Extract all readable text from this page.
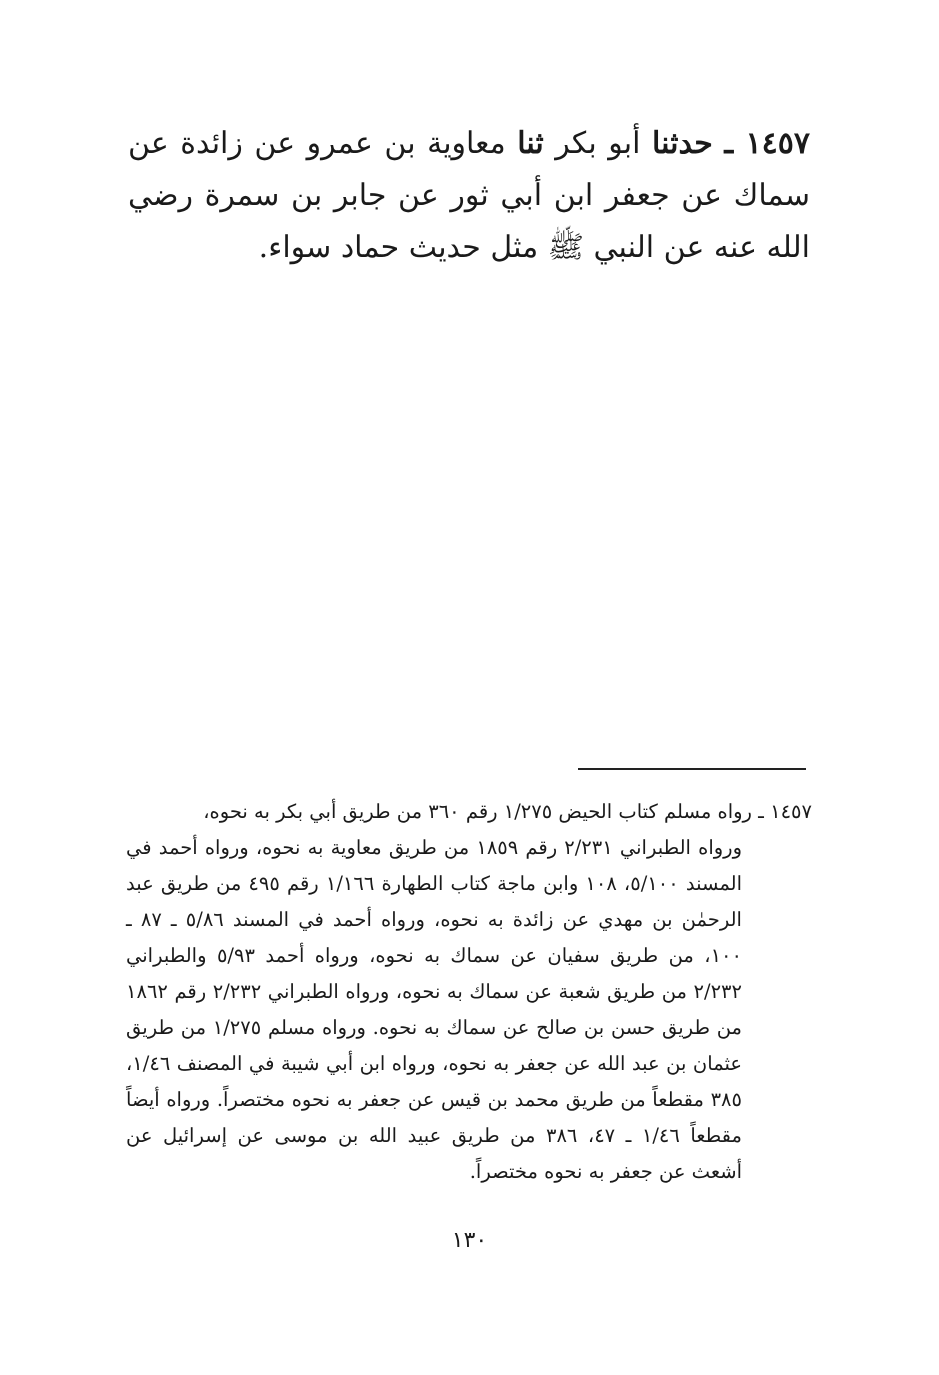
١٤٥٧ ـ حدثنا أبو بكر ثنا معاوية بن عمرو عن زائدة عن سماك عن جعفر ابن أبي ثور عن جابر بن سمرة رضي الله عنه عن النبي ﷺ مثل حديث حماد سواء.
١٤٥٧ ـ رواه مسلم كتاب الحيض ١/٢٧٥ رقم ٣٦٠ من طريق أبي بكر به نحوه،
ورواه الطبراني ٢/٢٣١ رقم ١٨٥٩ من طريق معاوية به نحوه، ورواه أحمد في المسند ٥/١٠٠، ١٠٨ وابن ماجة كتاب الطهارة ١/١٦٦ رقم ٤٩٥ من طريق عبد الرحمٰن بن مهدي عن زائدة به نحوه، ورواه أحمد في المسند ٥/٨٦ ـ ٨٧ ـ ١٠٠، من طريق سفيان عن سماك به نحوه، ورواه أحمد ٥/٩٣ والطبراني ٢/٢٣٢ من طريق شعبة عن سماك به نحوه، ورواه الطبراني ٢/٢٣٢ رقم ١٨٦٢ من طريق حسن بن صالح عن سماك به نحوه. ورواه مسلم ١/٢٧٥ من طريق عثمان بن عبد الله عن جعفر به نحوه، ورواه ابن أبي شيبة في المصنف ١/٤٦، ٣٨٥ مقطعاً من طريق محمد بن قيس عن جعفر به نحوه مختصراً. ورواه أيضاً مقطعاً ١/٤٦ ـ ٤٧، ٣٨٦ من طريق عبيد الله بن موسى عن إسرائيل عن أشعث عن جعفر به نحوه مختصراً.
١٣٠
